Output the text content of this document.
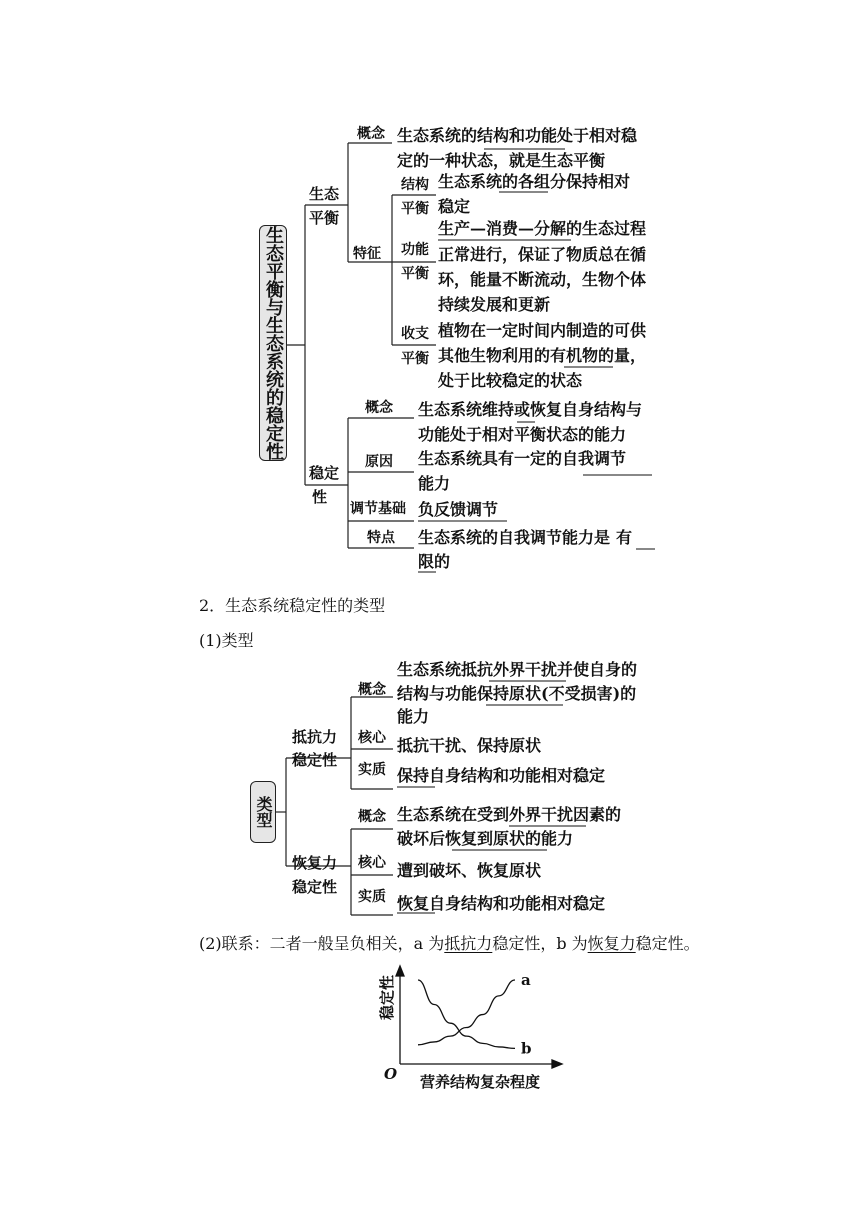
生态平衡与生态系统的稳定性
生态
平衡
概念 生态系统的结构和功能处于相对稳
定的一种状态，就是生态平衡
特征
结构
平衡
生态系统的各组分保持相对
稳定
功能
平衡
生产—消费—分解的生态过程
正常进行，保证了物质总在循
环，能量不断流动，生物个体
持续发展和更新
收支
平衡
植物在一定时间内制造的可供
其他生物利用的有机物的量，
处于比较稳定的状态
稳定
性
概念 生态系统维持或恢复自身结构与
功能处于相对平衡状态的能力
原因 生态系统具有一定的自我调节
能力
调节基础 负反馈调节
特点 生态系统的自我调节能力是 有
限的
2．生态系统稳定性的类型
(1)类型
类型
抵抗力
稳定性
概念
生态系统抵抗外界干扰并使自身的
结构与功能保持原状(不受损害)的
能力
核心 抵抗干扰、保持原状
实质 保持自身结构和功能相对稳定
恢复力
稳定性
概念 生态系统在受到外界干扰因素的
破坏后恢复到原状的能力
核心 遭到破坏、恢复原状
实质 恢复自身结构和功能相对稳定
(2)联系：二者一般呈负相关，a 为抵抗力稳定性，b 为恢复力稳定性。
稳定性
营养结构复杂程度
O
a
b
